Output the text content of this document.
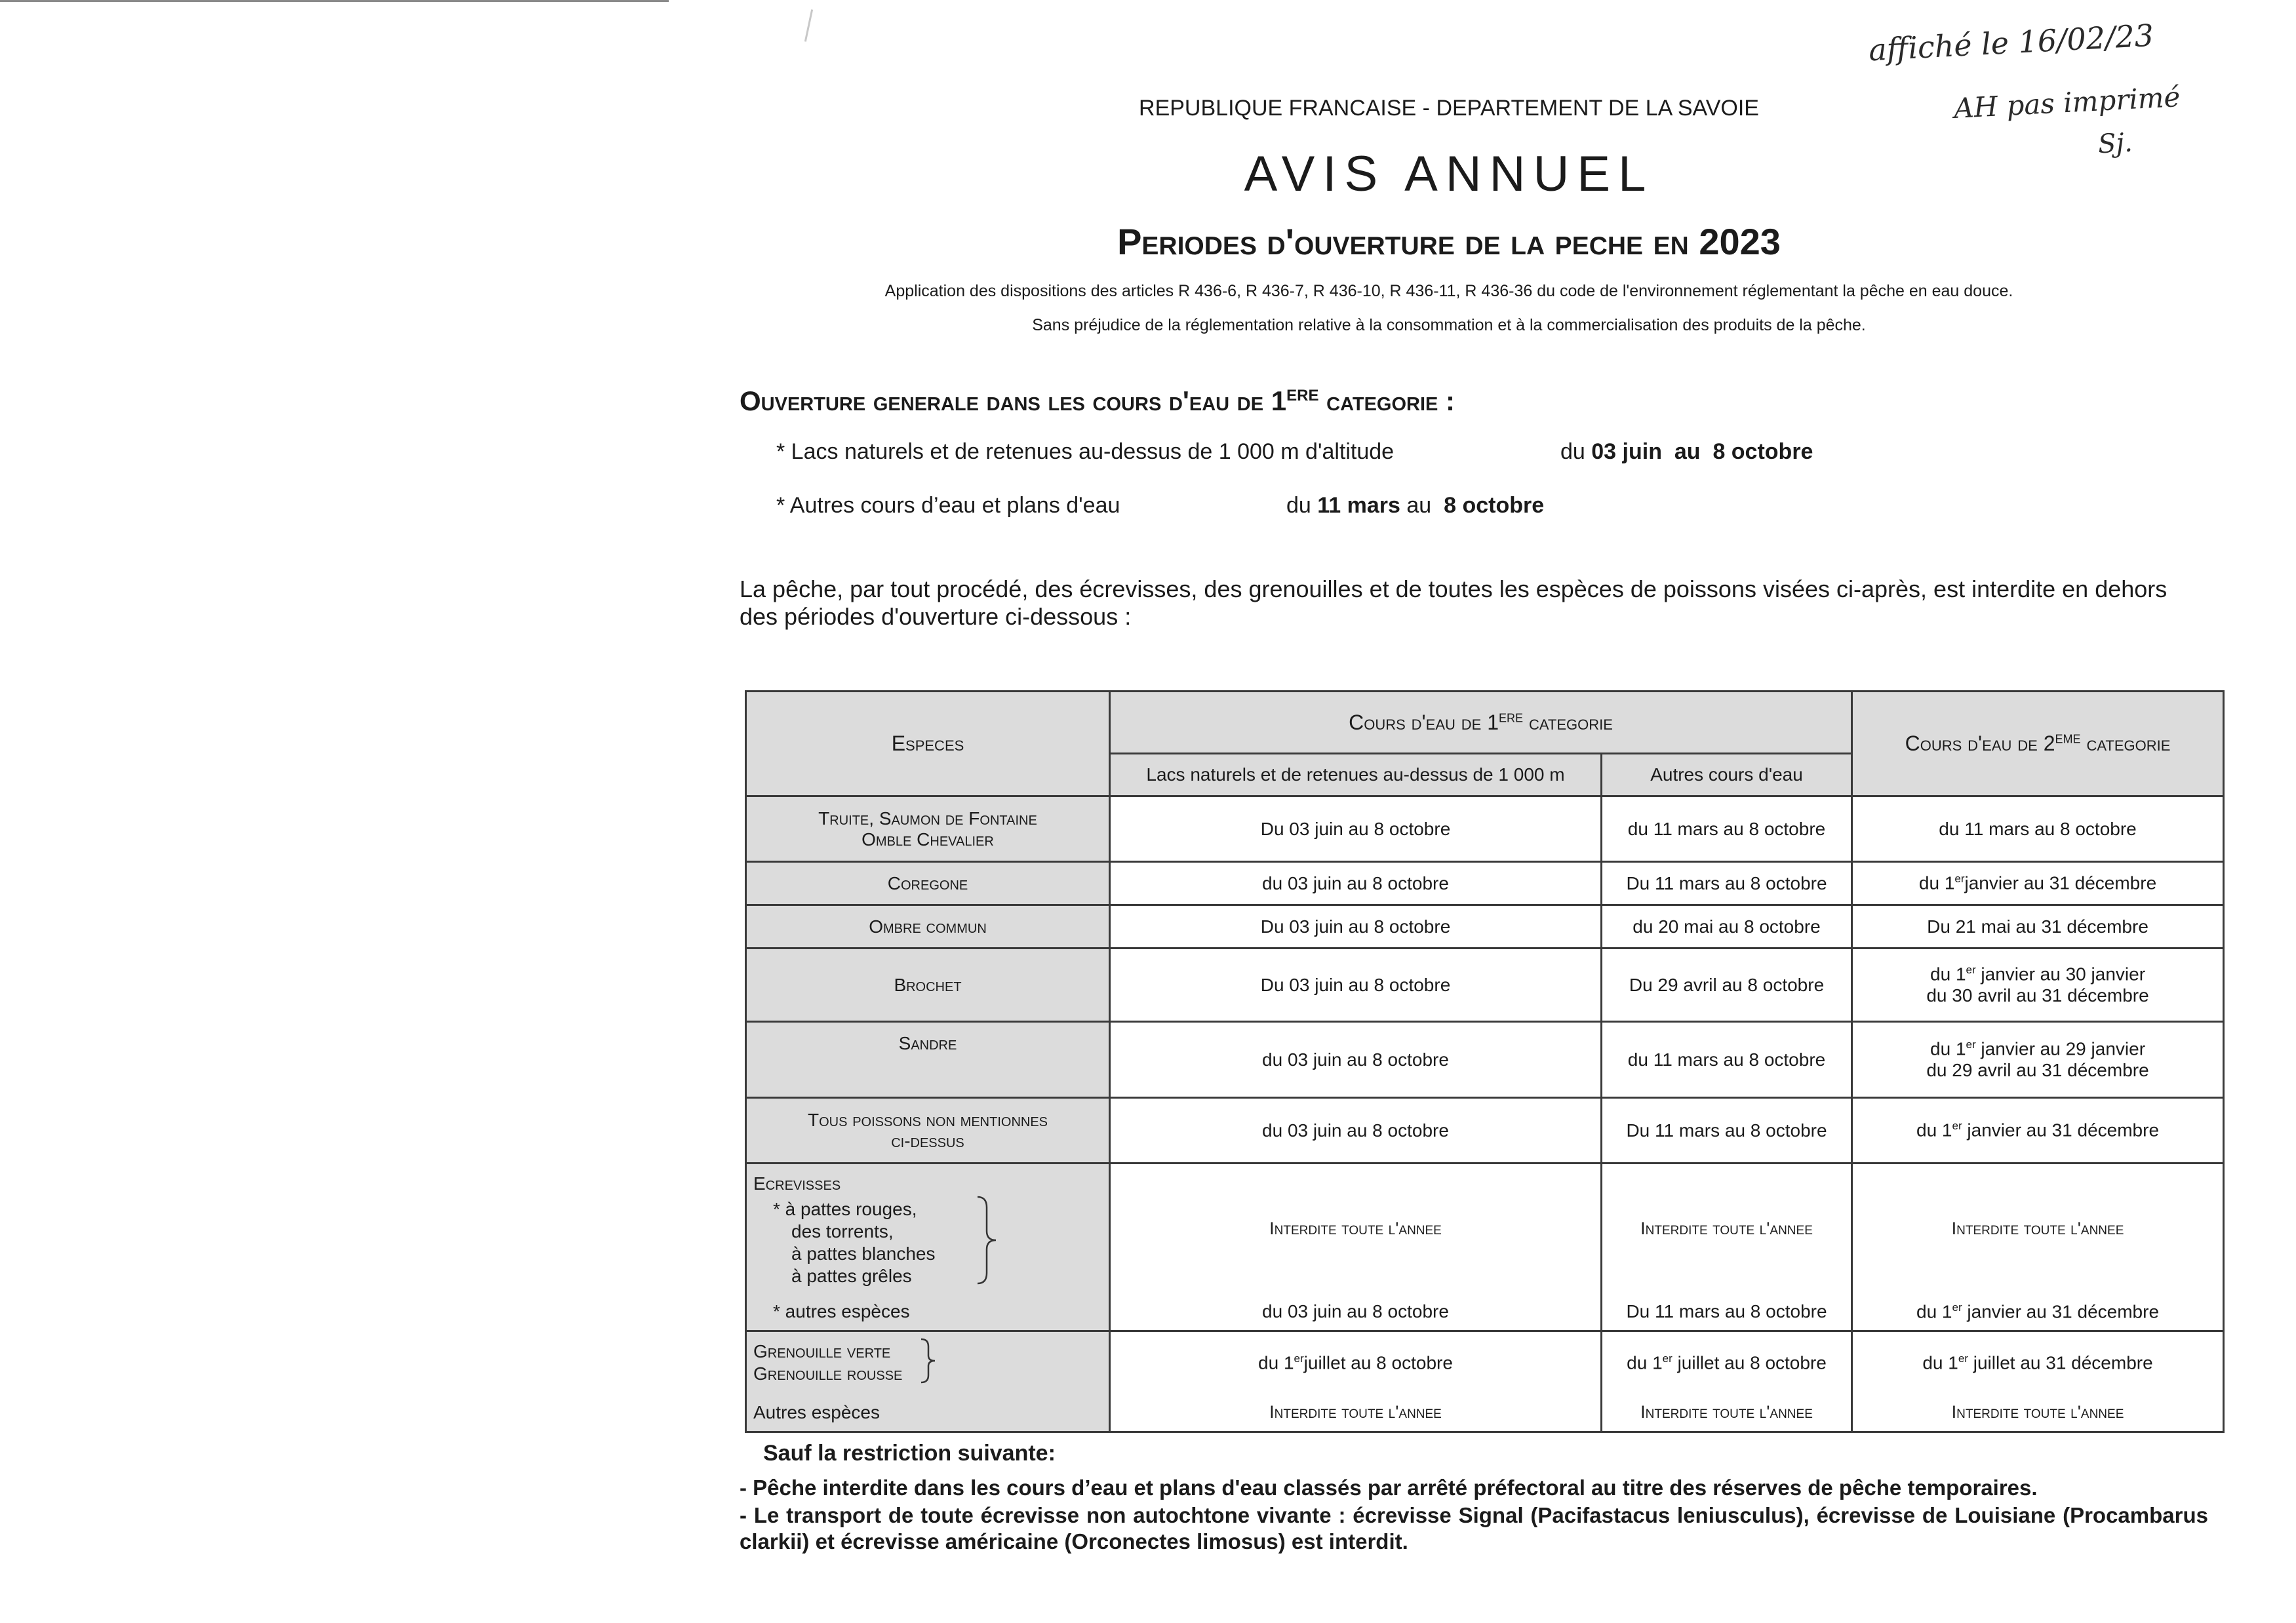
affiché le 16/02/23
AH pas imprimé
Sj.
REPUBLIQUE FRANCAISE - DEPARTEMENT DE LA SAVOIE
AVIS ANNUEL
Periodes d'ouverture de la peche en 2023
Application des dispositions des articles R 436-6, R 436-7, R 436-10, R 436-11, R 436-36 du code de l'environnement réglementant la pêche en eau douce.
Sans préjudice de la réglementation relative à la consommation et à la commercialisation des produits de la pêche.
Ouverture generale dans les cours d'eau de 1ERE categorie :
* Lacs naturels et de retenues au-dessus de 1 000 m d'altitude	du 03 juin  au  8 octobre
* Autres cours d’eau et plans d'eau	du 11 mars au  8 octobre
La pêche, par tout procédé, des écrevisses, des grenouilles et de toutes les espèces de poissons visées ci-après, est interdite en dehors des périodes d'ouverture ci-dessous :
Especes	Cours d'eau de 1ERE categorie		Cours d'eau de 2EME categorie
	Lacs naturels et de retenues au-dessus de 1 000 m	Autres cours d'eau	

Truite, Saumon de Fontaine
Omble Chevalier	Du 03 juin au 8 octobre	du 11 mars au 8 octobre	du 11 mars au 8 octobre
Coregone	du 03 juin au 8 octobre	Du 11 mars au 8 octobre	du 1erjanvier au 31 décembre
Ombre commun	Du 03 juin au 8 octobre	du 20 mai au 8 octobre	Du 21 mai au 31 décembre
Brochet	Du 03 juin au 8 octobre	Du 29 avril au 8 octobre	du 1er janvier au 30 janvier
du 30 avril au 31 décembre

Sandre	du 03 juin au 8 octobre	du 11 mars au 8 octobre	du 1er janvier au 29 janvier
du 29 avril au 31 décembre

Tous poissons non mentionnes
ci-dessus	du 03 juin au 8 octobre	Du 11 mars au 8 octobre	du 1er janvier au 31 décembre

Ecrevisses
* à pattes rouges,
des torrents,
à pattes blanches
à pattes grêles	Interdite toute l'annee	Interdite toute l'annee	Interdite toute l'annee
* autres espèces	du 03 juin au 8 octobre	Du 11 mars au 8 octobre	du 1er janvier au 31 décembre

Grenouille verte
Grenouille rousse	du 1erjuillet au 8 octobre	du 1er juillet au 8 octobre	du 1er juillet au 31 décembre
Autres espèces	Interdite toute l'annee	Interdite toute l'annee	Interdite toute l'annee
Sauf la restriction suivante:
- Pêche interdite dans les cours d’eau et plans d'eau classés par arrêté préfectoral au titre des réserves de pêche temporaires.
- Le transport de toute écrevisse non autochtone vivante : écrevisse Signal (Pacifastacus leniusculus), écrevisse de Louisiane (Procambarus clarkii) et écrevisse américaine (Orconectes limosus) est interdit.
